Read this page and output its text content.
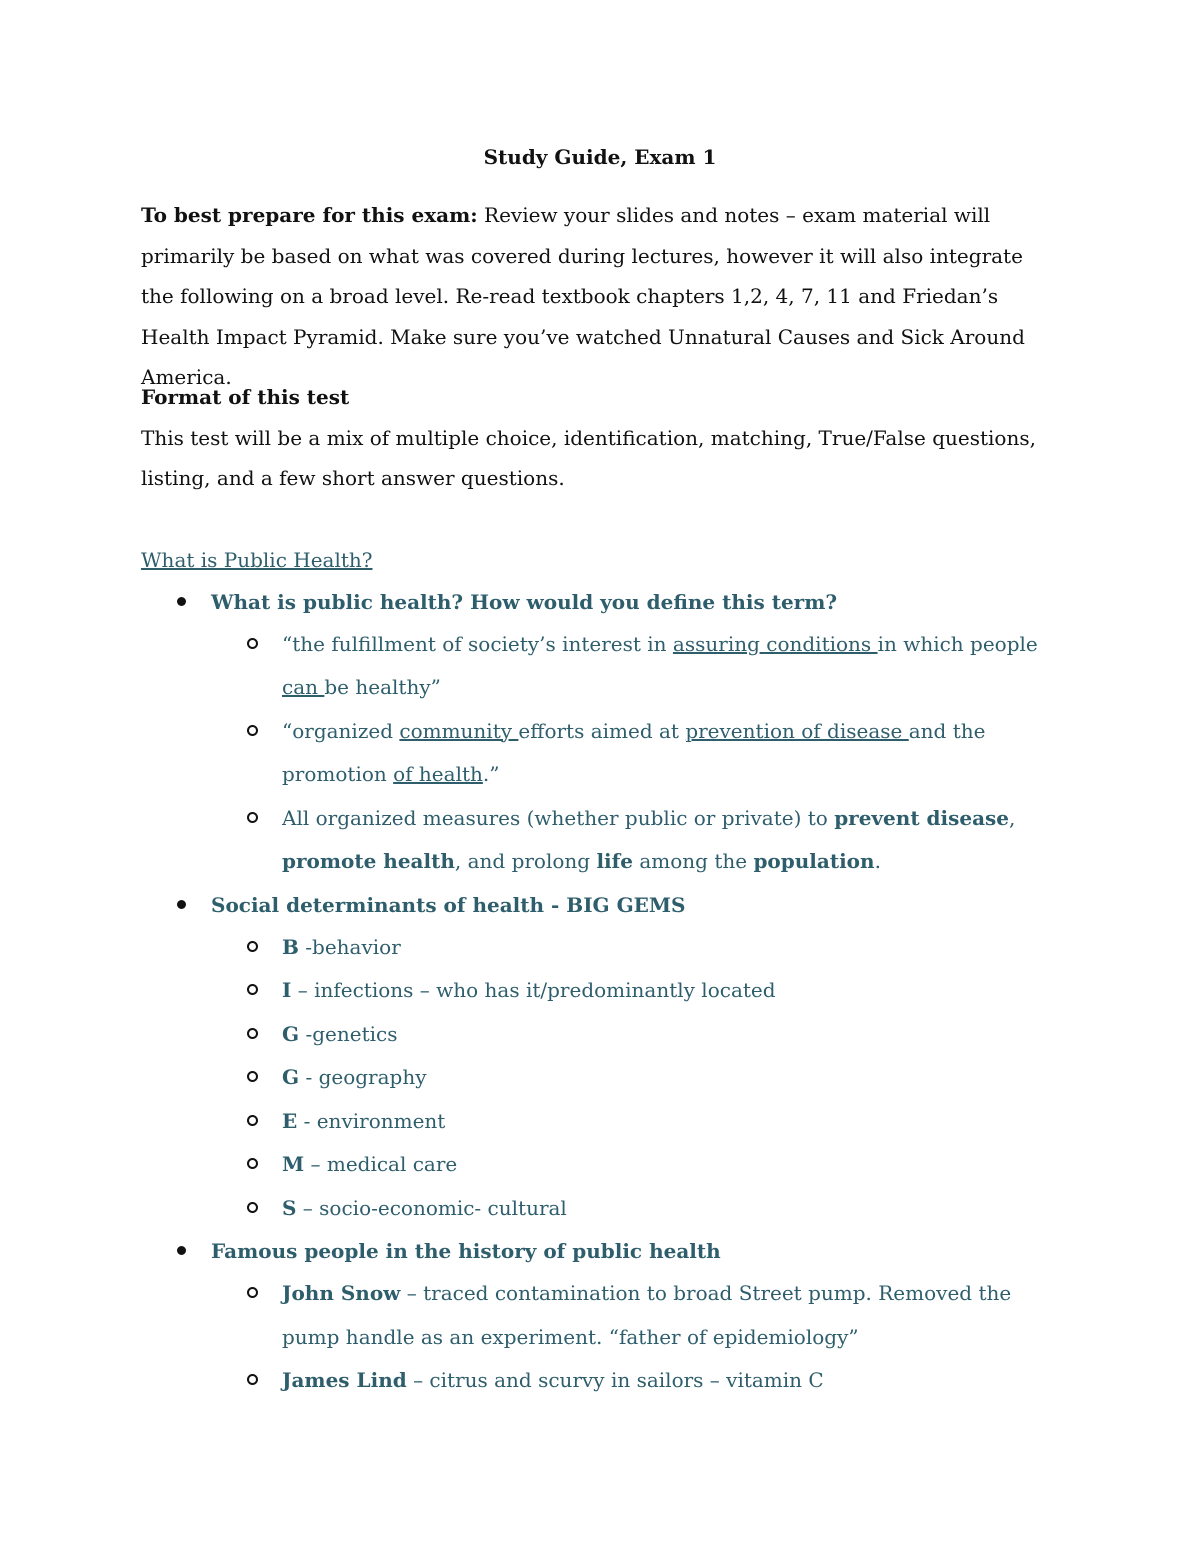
Study Guide, Exam 1

To best prepare for this exam: Review your slides and notes – exam material will primarily be based on what was covered during lectures, however it will also integrate the following on a broad level. Re-read textbook chapters 1,2, 4, 7, 11 and Friedan’s Health Impact Pyramid. Make sure you’ve watched Unnatural Causes and Sick Around America.

Format of this test

This test will be a mix of multiple choice, identification, matching, True/False questions, listing, and a few short answer questions.

What is Public Health?

What is public health? How would you define this term?
“the fulfillment of society’s interest in assuring conditions in which people can be healthy”
“organized community efforts aimed at prevention of disease and the promotion of health.”
All organized measures (whether public or private) to prevent disease, promote health, and prolong life among the population.
Social determinants of health - BIG GEMS
B -behavior
I – infections – who has it/predominantly located
G -genetics
G - geography
E - environment
M – medical care
S – socio-economic- cultural
Famous people in the history of public health
John Snow – traced contamination to broad Street pump. Removed the pump handle as an experiment. “father of epidemiology”
James Lind – citrus and scurvy in sailors – vitamin C
